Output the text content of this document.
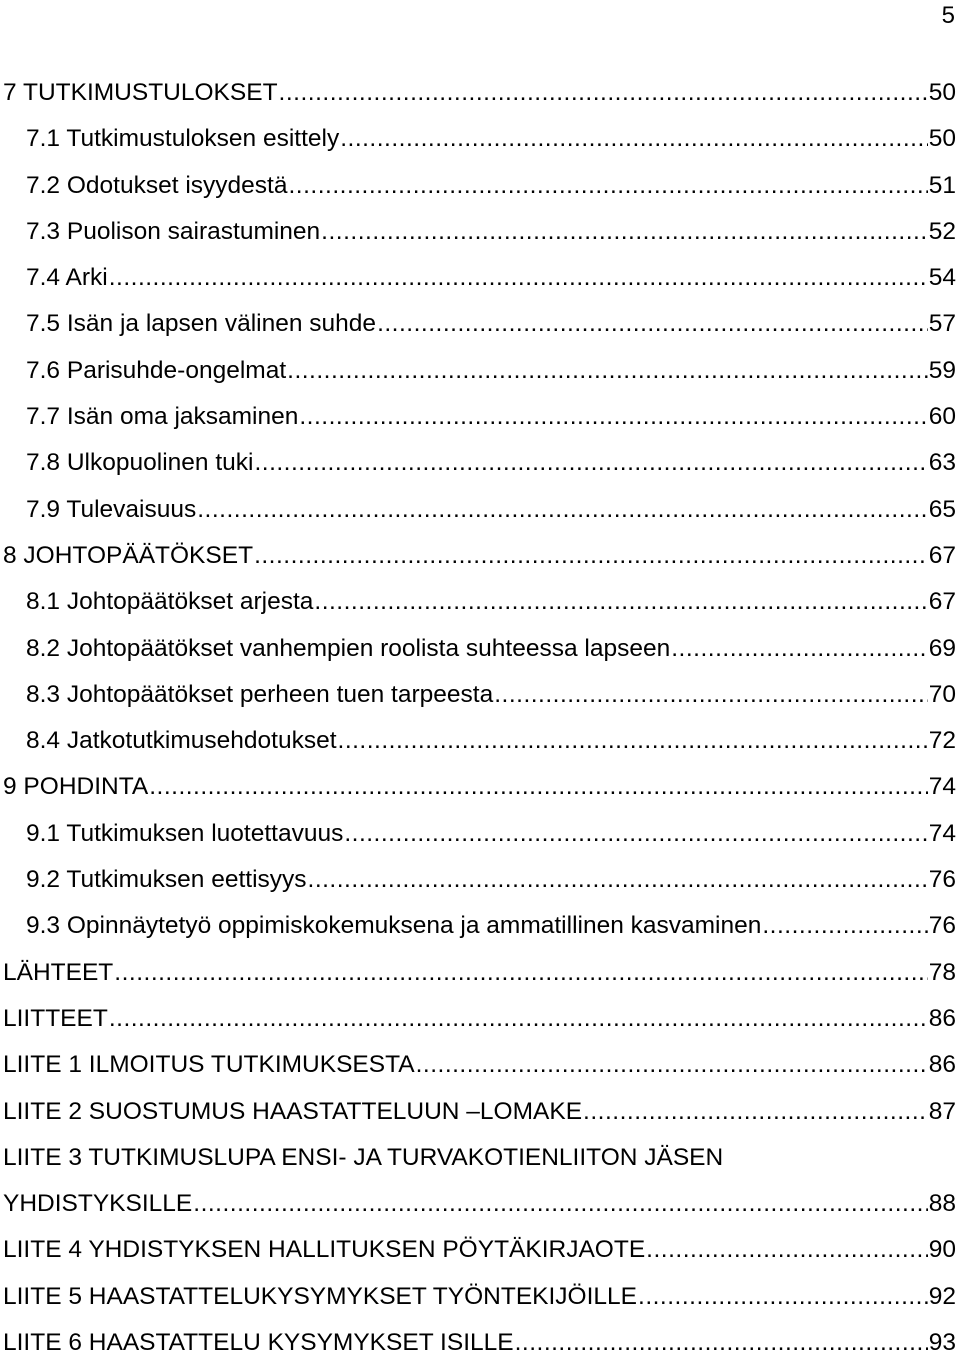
5
7 TUTKIMUSTULOKSET .....	50
7.1 Tutkimustuloksen esittely .....	50
7.2 Odotukset isyydestä .....	51
7.3 Puolison sairastuminen .....	52
7.4 Arki .....	54
7.5 Isän ja lapsen välinen suhde .....	57
7.6 Parisuhde-ongelmat .....	59
7.7 Isän oma jaksaminen .....	60
7.8 Ulkopuolinen tuki .....	63
7.9 Tulevaisuus .....	65
8 JOHTOPÄÄTÖKSET .....	67
8.1 Johtopäätökset arjesta .....	67
8.2 Johtopäätökset vanhempien roolista suhteessa lapseen .....	69
8.3 Johtopäätökset perheen tuen tarpeesta .....	70
8.4 Jatkotutkimusehdotukset .....	72
9 POHDINTA .....	74
9.1 Tutkimuksen luotettavuus .....	74
9.2 Tutkimuksen eettisyys .....	76
9.3 Opinnäytetyö oppimiskokemuksena ja ammatillinen kasvaminen .....	76
LÄHTEET .....	78
LIITTEET .....	86
LIITE 1 ILMOITUS TUTKIMUKSESTA .....	86
LIITE 2 SUOSTUMUS HAASTATTELUUN –LOMAKE .....	87
LIITE 3 TUTKIMUSLUPA ENSI- JA TURVAKOTIENLIITON JÄSEN
YHDISTYKSILLE .....	88
LIITE 4 YHDISTYKSEN HALLITUKSEN PÖYTÄKIRJAOTE .....	90
LIITE 5 HAASTATTELUKYSYMYKSET TYÖNTEKIJÖILLE .....	92
LIITE 6 HAASTATTELU KYSYMYKSET ISILLE .....	93
